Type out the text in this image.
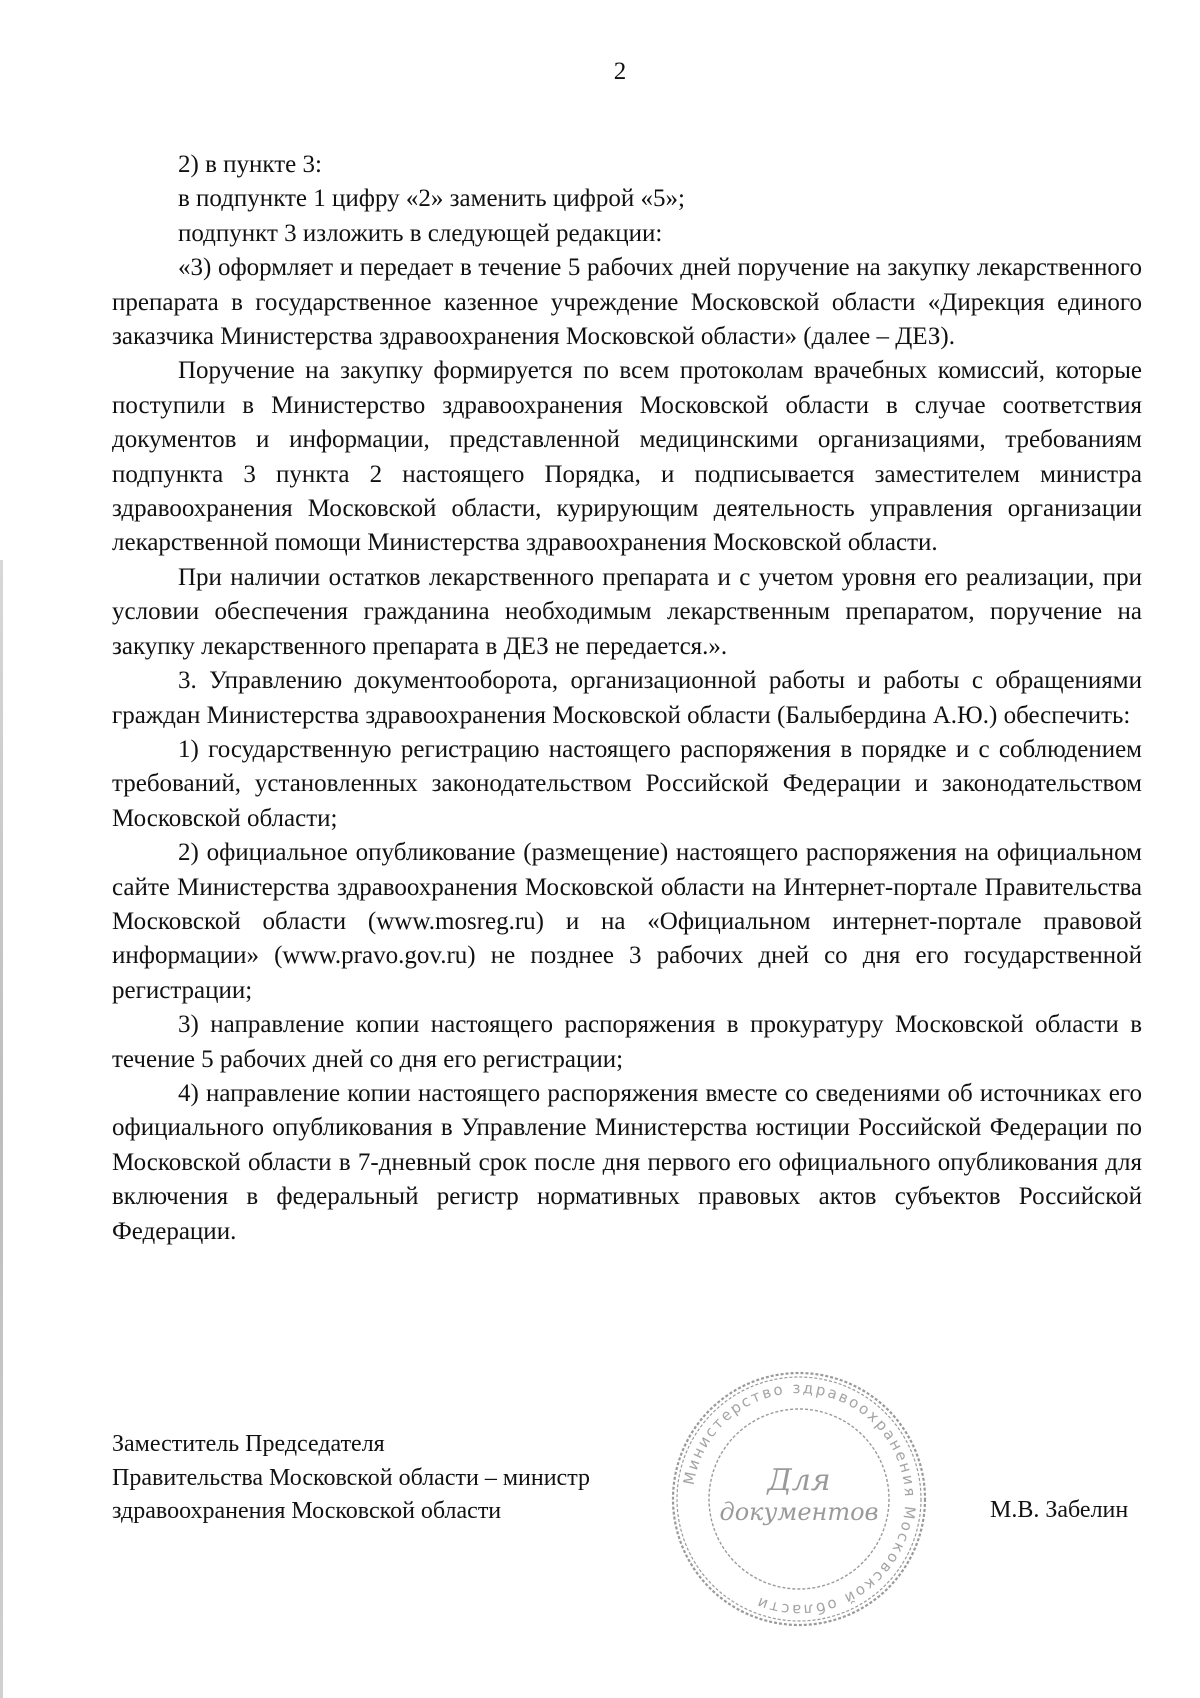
2

2) в пункте 3:

в подпункте 1 цифру «2» заменить цифрой «5»;

подпункт 3 изложить в следующей редакции:

«3) оформляет и передает в течение 5 рабочих дней поручение на закупку лекарственного препарата в государственное казенное учреждение Московской области «Дирекция единого заказчика Министерства здравоохранения Московской области» (далее – ДЕЗ).

Поручение на закупку формируется по всем протоколам врачебных комиссий, которые поступили в Министерство здравоохранения Московской области в случае соответствия документов и информации, представленной медицинскими организациями, требованиям подпункта 3 пункта 2 настоящего Порядка, и подписывается заместителем министра здравоохранения Московской области, курирующим деятельность управления организации лекарственной помощи Министерства здравоохранения Московской области.

При наличии остатков лекарственного препарата и с учетом уровня его реализации, при условии обеспечения гражданина необходимым лекарственным препаратом, поручение на закупку лекарственного препарата в ДЕЗ не передается.».

3. Управлению документооборота, организационной работы и работы с обращениями граждан Министерства здравоохранения Московской области (Балыбердина А.Ю.) обеспечить:

1) государственную регистрацию настоящего распоряжения в порядке и с соблюдением требований, установленных законодательством Российской Федерации и законодательством Московской области;

2) официальное опубликование (размещение) настоящего распоряжения на официальном сайте Министерства здравоохранения Московской области на Интернет-портале Правительства Московской области (www.mosreg.ru) и на «Официальном интернет-портале правовой информации» (www.pravo.gov.ru) не позднее 3 рабочих дней со дня его государственной регистрации;

3) направление копии настоящего распоряжения в прокуратуру Московской области в течение 5 рабочих дней со дня его регистрации;

4) направление копии настоящего распоряжения вместе со сведениями об источниках его официального опубликования в Управление Министерства юстиции Российской Федерации по Московской области в 7-дневный срок после дня первого его официального опубликования для включения в федеральный регистр нормативных правовых актов субъектов Российской Федерации.

Заместитель Председателя
Правительства Московской области – министр
здравоохранения Московской области
Министерство здравоохранения Московской области
Для
документов	М.В. Забелин
